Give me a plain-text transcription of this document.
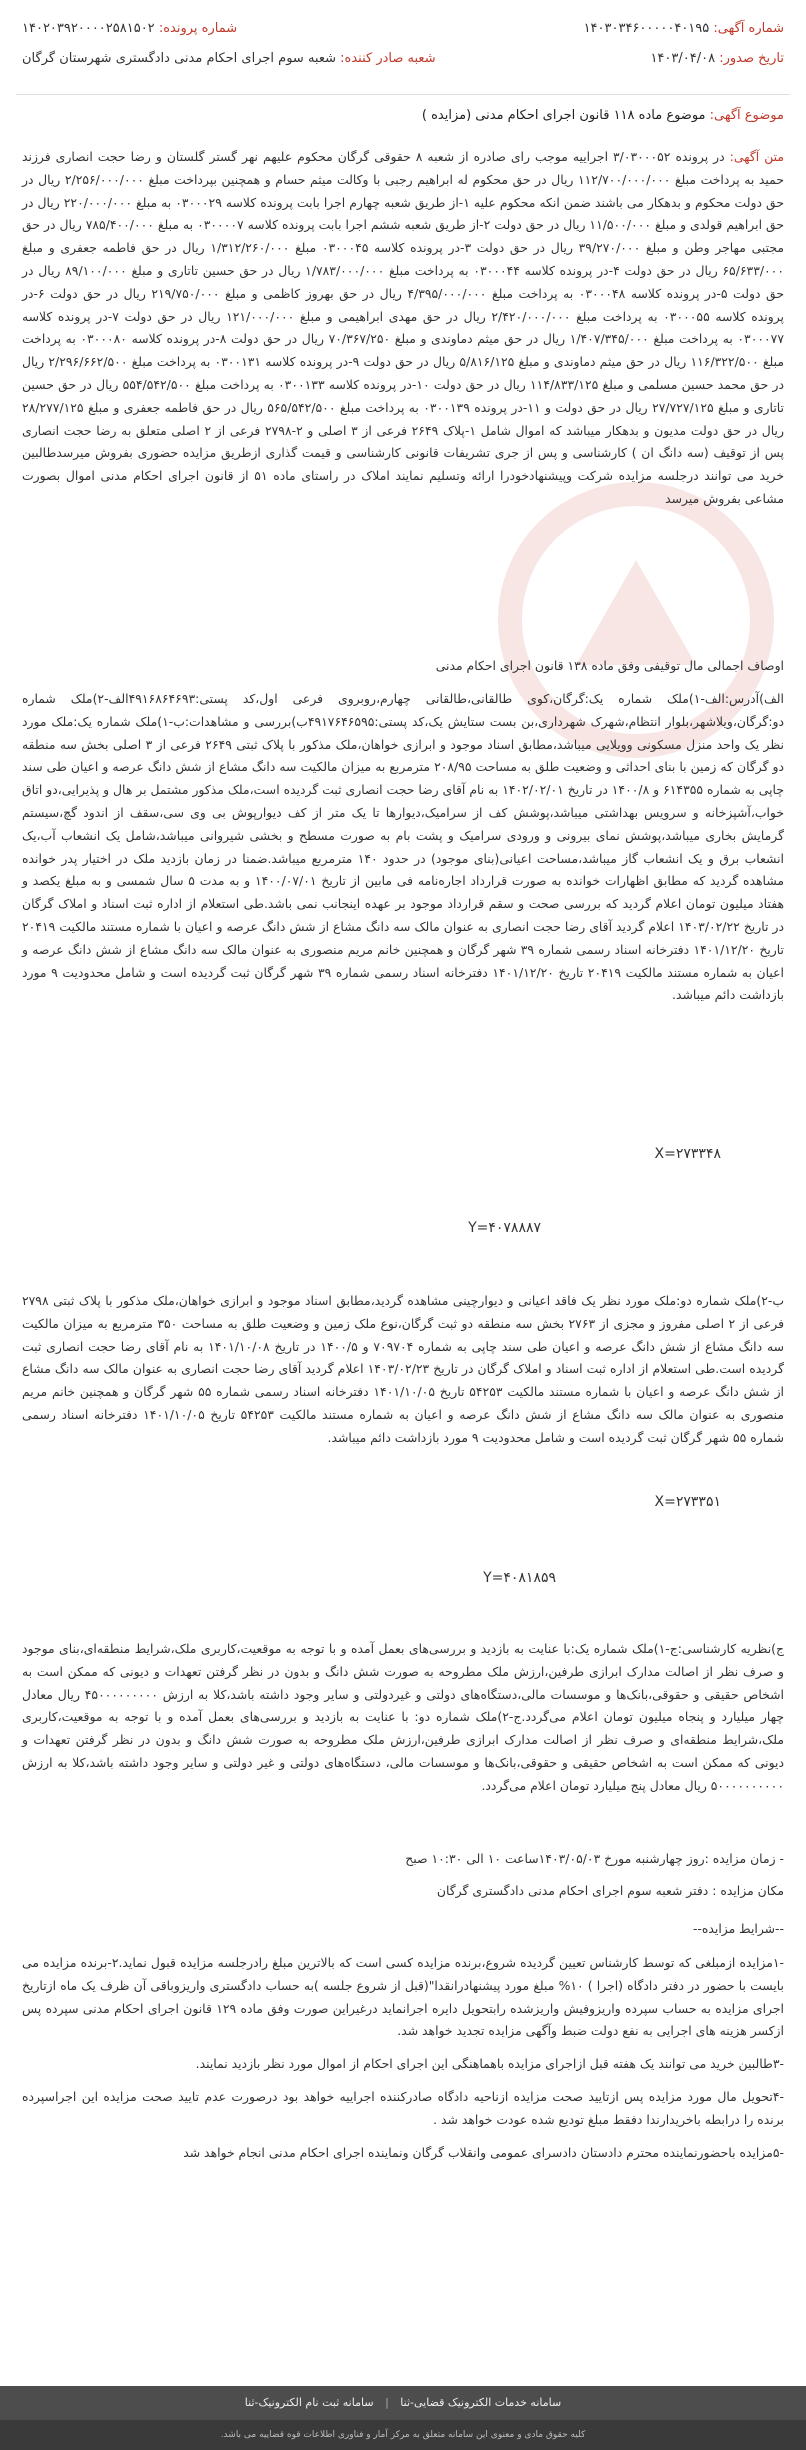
شماره آگهی: ۱۴۰۳۰۳۴۶۰۰۰۰۰۴۰۱۹۵
شماره پرونده: ۱۴۰۲۰۳۹۲۰۰۰۰۲۵۸۱۵۰۲
تاریخ صدور: ۱۴۰۳/۰۴/۰۸
شعبه صادر کننده: شعبه سوم اجرای احکام مدنی دادگستری شهرستان گرگان
موضوع آگهی: موضوع ماده ۱۱۸ قانون اجرای احکام مدنی (مزایده )
متن آگهی: در پرونده ۳/۰۳۰۰۰۵۲ اجراییه موجب رای صادره از شعبه ۸ حقوقی گرگان محکوم علیهم نهر گستر گلستان و رضا حجت انصاری فرزند حمید به پرداخت مبلغ ۱۱۲/۷۰۰/۰۰۰/۰۰۰ ریال در حق محکوم له ابراهیم رجبی با وکالت میثم حسام و همچنین بپرداخت مبلغ ۲/۲۵۶/۰۰۰/۰۰۰ ریال در حق دولت محکوم و بدهکار می باشند ضمن انکه محکوم علیه ۱-از طریق شعبه چهارم اجرا بابت پرونده کلاسه ۰۳۰۰۰۲۹ به مبلغ ۲۲۰/۰۰۰/۰۰۰ ریال در حق ابراهیم قولدی و مبلغ ۱۱/۵۰۰/۰۰۰ ریال در حق دولت ۲-از طریق شعبه ششم اجرا بابت پرونده کلاسه ۰۳۰۰۰۰۷ به مبلغ ۷۸۵/۴۰۰/۰۰۰ ریال در حق مجتبی مهاجر وطن و مبلغ ۳۹/۲۷۰/۰۰۰ ریال در حق دولت ۳-در پرونده کلاسه ۰۳۰۰۰۴۵ مبلغ ۱/۳۱۲/۲۶۰/۰۰۰ ریال در حق فاطمه جعفری و مبلغ ۶۵/۶۳۳/۰۰۰ ریال در حق دولت ۴-در پرونده کلاسه ۰۳۰۰۰۴۴ به پرداخت مبلغ ۱/۷۸۳/۰۰۰/۰۰۰ ریال در حق حسین تاتاری و مبلغ ۸۹/۱۰۰/۰۰۰ ریال در حق دولت ۵-در پرونده کلاسه ۰۳۰۰۰۴۸ به پرداخت مبلغ ۴/۳۹۵/۰۰۰/۰۰۰ ریال در حق بهروز کاظمی و مبلغ ۲۱۹/۷۵۰/۰۰۰ ریال در حق دولت ۶-در پرونده کلاسه ۰۳۰۰۰۵۵ به پرداخت مبلغ ۲/۴۲۰/۰۰۰/۰۰۰ ریال در حق مهدی ابراهیمی و مبلغ ۱۲۱/۰۰۰/۰۰۰ ریال در حق دولت ۷-در پرونده کلاسه ۰۳۰۰۰۷۷ به پرداخت مبلغ ۱/۴۰۷/۳۴۵/۰۰۰ ریال در حق میثم دماوندی و مبلغ ۷۰/۳۶۷/۲۵۰ ریال در حق دولت ۸-در پرونده کلاسه ۰۳۰۰۰۸۰ به پرداخت مبلغ ۱۱۶/۳۲۲/۵۰۰ ریال در حق میثم دماوندی و مبلغ ۵/۸۱۶/۱۲۵ ریال در حق دولت ۹-در پرونده کلاسه ۰۳۰۰۱۳۱ به پرداخت مبلغ ۲/۲۹۶/۶۶۲/۵۰۰ ریال در حق محمد حسین مسلمی و مبلغ ۱۱۴/۸۳۳/۱۲۵ ریال در حق دولت ۱۰-در پرونده کلاسه ۰۳۰۰۱۳۳ به پرداخت مبلغ ۵۵۴/۵۴۲/۵۰۰ ریال در حق حسین تاتاری و مبلغ ۲۷/۷۲۷/۱۲۵ ریال در حق دولت و ۱۱-در پرونده ۰۳۰۰۱۳۹ به پرداخت مبلغ ۵۶۵/۵۴۲/۵۰۰ ریال در حق فاطمه جعفری و مبلغ ۲۸/۲۷۷/۱۲۵ ریال در حق دولت مدیون و بدهکار میباشد که اموال شامل ۱-پلاک ۲۶۴۹ فرعی از ۳ اصلی و ۲-۲۷۹۸ فرعی از ۲ اصلی متعلق به رضا حجت انصاری پس از توقیف (سه دانگ ان ) کارشناسی و پس از جری تشریفات قانونی کارشناسی و قیمت گذاری ازطریق مزایده حضوری بفروش میرسدطالبین خرید می توانند درجلسه مزایده شرکت وپیشنهادخودرا ارائه وتسلیم نمایند املاک در راستای ماده ۵۱ از قانون اجرای احکام مدنی اموال بصورت مشاعی بفروش میرسد
اوصاف اجمالی مال توقیفی وفق ماده ۱۳۸ قانون اجرای احکام مدنی
الف)آدرس:الف-۱)ملک شماره یک:گرگان،کوی طالقانی،طالقانی چهارم،روبروی فرعی اول،کد پستی:۴۹۱۶۸۶۴۶۹۳الف-۲)ملک شماره دو:گرگان،ویلاشهر،بلوار انتظام،شهرک شهرداری،بن بست ستایش یک،کد پستی:۴۹۱۷۶۴۶۵۹۵ب)بررسی و مشاهدات:ب-۱)ملک شماره یک:ملک مورد نظر یک واحد منزل مسکونی وویلایی میباشد،مطابق اسناد موجود و ابرازی خواهان،ملک مذکور با پلاک ثبتی ۲۶۴۹ فرعی از ۳ اصلی بخش سه منطقه دو گرگان که زمین با بنای احداثی و وضعیت طلق به مساحت ۲۰۸/۹۵ مترمربع به میزان مالکیت سه دانگ مشاع از شش دانگ عرصه و اعیان طی سند چاپی به شماره ۶۱۴۳۵۵ و ۱۴۰۰/۸ در تاریخ ۱۴۰۲/۰۲/۰۱ به نام آقای رضا حجت انصاری ثبت گردیده است،ملک مذکور مشتمل بر هال و پذیرایی،دو اتاق خواب،آشپزخانه و سرویس بهداشتی میباشد،پوشش کف از سرامیک،دیوارها تا یک متر از کف دیوارپوش بی وی سی،سقف از اندود گچ،سیستم گرمایش بخاری میباشد،پوشش نمای بیرونی و ورودی سرامیک و پشت بام به صورت مسطح و بخشی شیروانی میباشد،شامل یک انشعاب آب،یک انشعاب برق و یک انشعاب گاز میباشد،مساحت اعیانی(بنای موجود) در حدود ۱۴۰ مترمربع میباشد.ضمنا در زمان بازدید ملک در اختیار پدر خوانده مشاهده گردید که مطابق اظهارات خوانده به صورت قرارداد اجاره‌نامه فی مابین از تاریخ ۱۴۰۰/۰۷/۰۱ و به مدت ۵ سال شمسی و به مبلغ یکصد و هفتاد میلیون تومان اعلام گردید که بررسی صحت و سقم قرارداد موجود بر عهده اینجانب نمی باشد.طی استعلام از اداره ثبت اسناد و املاک گرگان در تاریخ ۱۴۰۳/۰۲/۲۲ اعلام گردید آقای رضا حجت انصاری به عنوان مالک سه دانگ مشاع از شش دانگ عرصه و اعیان با شماره مستند مالکیت ۲۰۴۱۹ تاریخ ۱۴۰۱/۱۲/۲۰ دفترخانه اسناد رسمی شماره ۳۹ شهر گرگان و همچنین خانم مریم منصوری به عنوان مالک سه دانگ مشاع از شش دانگ عرصه و اعیان به شماره مستند مالکیت ۲۰۴۱۹ تاریخ ۱۴۰۱/۱۲/۲۰ دفترخانه اسناد رسمی شماره ۳۹ شهر گرگان ثبت گردیده است و شامل محدودیت ۹ مورد بازداشت دائم میباشد.
X=۲۷۳۳۴۸
Y=۴۰۷۸۸۸۷
ب-۲)ملک شماره دو:ملک مورد نظر یک فاقد اعیانی و دیوارچینی مشاهده گردید،مطابق اسناد موجود و ابرازی خواهان،ملک مذکور با پلاک ثبتی ۲۷۹۸ فرعی از ۲ اصلی مفروز و مجزی از ۲۷۶۳ بخش سه منطقه دو ثبت گرگان،نوع ملک زمین و وضعیت طلق به مساحت ۳۵۰ مترمربع به میزان مالکیت سه دانگ مشاع از شش دانگ عرصه و اعیان طی سند چاپی به شماره ۷۰۹۷۰۴ و ۱۴۰۰/۵ در تاریخ ۱۴۰۱/۱۰/۰۸ به نام آقای رضا حجت انصاری ثبت گردیده است.طی استعلام از اداره ثبت اسناد و املاک گرگان در تاریخ ۱۴۰۳/۰۲/۲۳ اعلام گردید آقای رضا حجت انصاری به عنوان مالک سه دانگ مشاع از شش دانگ عرصه و اعیان با شماره مستند مالکیت ۵۴۲۵۳ تاریخ ۱۴۰۱/۱۰/۰۵ دفترخانه اسناد رسمی شماره ۵۵ شهر گرگان و همچنین خانم مریم منصوری به عنوان مالک سه دانگ مشاع از شش دانگ عرصه و اعیان به شماره مستند مالکیت ۵۴۲۵۳ تاریخ ۱۴۰۱/۱۰/۰۵ دفترخانه اسناد رسمی شماره ۵۵ شهر گرگان ثبت گردیده است و شامل محدودیت ۹ مورد بازداشت دائم میباشد.
X=۲۷۳۳۵۱
Y=۴۰۸۱۸۵۹
ج)نظریه کارشناسی:ج-۱)ملک شماره یک:با عنایت به بازدید و بررسی‌های بعمل آمده و با توجه به موقعیت،کاربری ملک،شرایط منطقه‌ای،بنای موجود و صرف نظر از اصالت مدارک ابرازی طرفین،ارزش ملک مطروحه به صورت شش دانگ و بدون در نظر گرفتن تعهدات و دیونی که ممکن است به اشخاص حقیقی و حقوقی،بانک‌ها و موسسات مالی،دستگاه‌های دولتی و غیردولتی و سایر وجود داشته باشد،کلا به ارزش ۴۵۰۰۰۰۰۰۰۰۰ ریال معادل چهار میلیارد و پنجاه میلیون تومان اعلام می‌گردد.ج-۲)ملک شماره دو: با عنایت به بازدید و بررسی‌های بعمل آمده و با توجه به موقعیت،کاربری ملک،شرایط منطقه‌ای و صرف نظر از اصالت مدارک ابرازی طرفین،ارزش ملک مطروحه به صورت شش دانگ و بدون در نظر گرفتن تعهدات و دیونی که ممکن است به اشخاص حقیقی و حقوقی،بانک‌ها و موسسات مالی، دستگاه‌های دولتی و غیر دولتی و سایر وجود داشته باشد،کلا به ارزش ۵۰۰۰۰۰۰۰۰۰۰ ریال معادل پنج میلیارد تومان اعلام می‌گردد.
- زمان مزایده :روز چهارشنبه مورخ ۱۴۰۳/۰۵/۰۳ساعت ۱۰ الی ۱۰:۳۰ صبح
مکان مزایده : دفتر شعبه سوم اجرای احکام مدنی دادگستری گرگان
--شرایط مزایده--

-۱مزایده ازمبلغی که توسط کارشناس تعیین گردیده شروع،برنده مزایده کسی است که بالاترین مبلغ رادرجلسه مزایده قبول نماید.۲-برنده مزایده می بایست با حضور در دفتر دادگاه (اجرا ) ۱۰% مبلغ مورد پیشنهادرانقدا"(قبل از شروع جلسه )به حساب دادگستری واریزوباقی آن ظرف یک ماه ازتاریخ اجرای مزایده به حساب سپرده واریزوفیش واریزشده رابتحویل دایره اجرانماید درغیراین صورت وفق ماده ۱۲۹ قانون اجرای احکام مدنی سپرده پس ازکسر هزینه های اجرایی به نفع دولت ضبط وآگهی مزایده تجدید خواهد شد.

-۳طالبین خرید می توانند یک هفته قبل ازاجرای مزایده باهماهنگی این اجرای احکام از اموال مورد نظر بازدید نمایند.

-۴تحویل مال مورد مزایده پس ازتایید صحت مزایده ازناحیه دادگاه صادرکننده اجراییه خواهد بود درصورت عدم تایید صحت مزایده این اجراسپرده برنده را درابطه باخریدارندا دفقط مبلغ تودیع شده عودت خواهد شد .

-۵مزایده باحضورنماینده محترم دادستان دادسرای عمومی وانقلاب گرگان ونماینده اجرای احکام مدنی انجام خواهد شد

سامانه خدمات الکترونیک قضایی-ثنا | سامانه ثبت نام الکترونیک-ثنا
کلیه حقوق مادی و معنوی این سامانه متعلق به مرکز آمار و فناوری اطلاعات قوه قضاییه می باشد.
